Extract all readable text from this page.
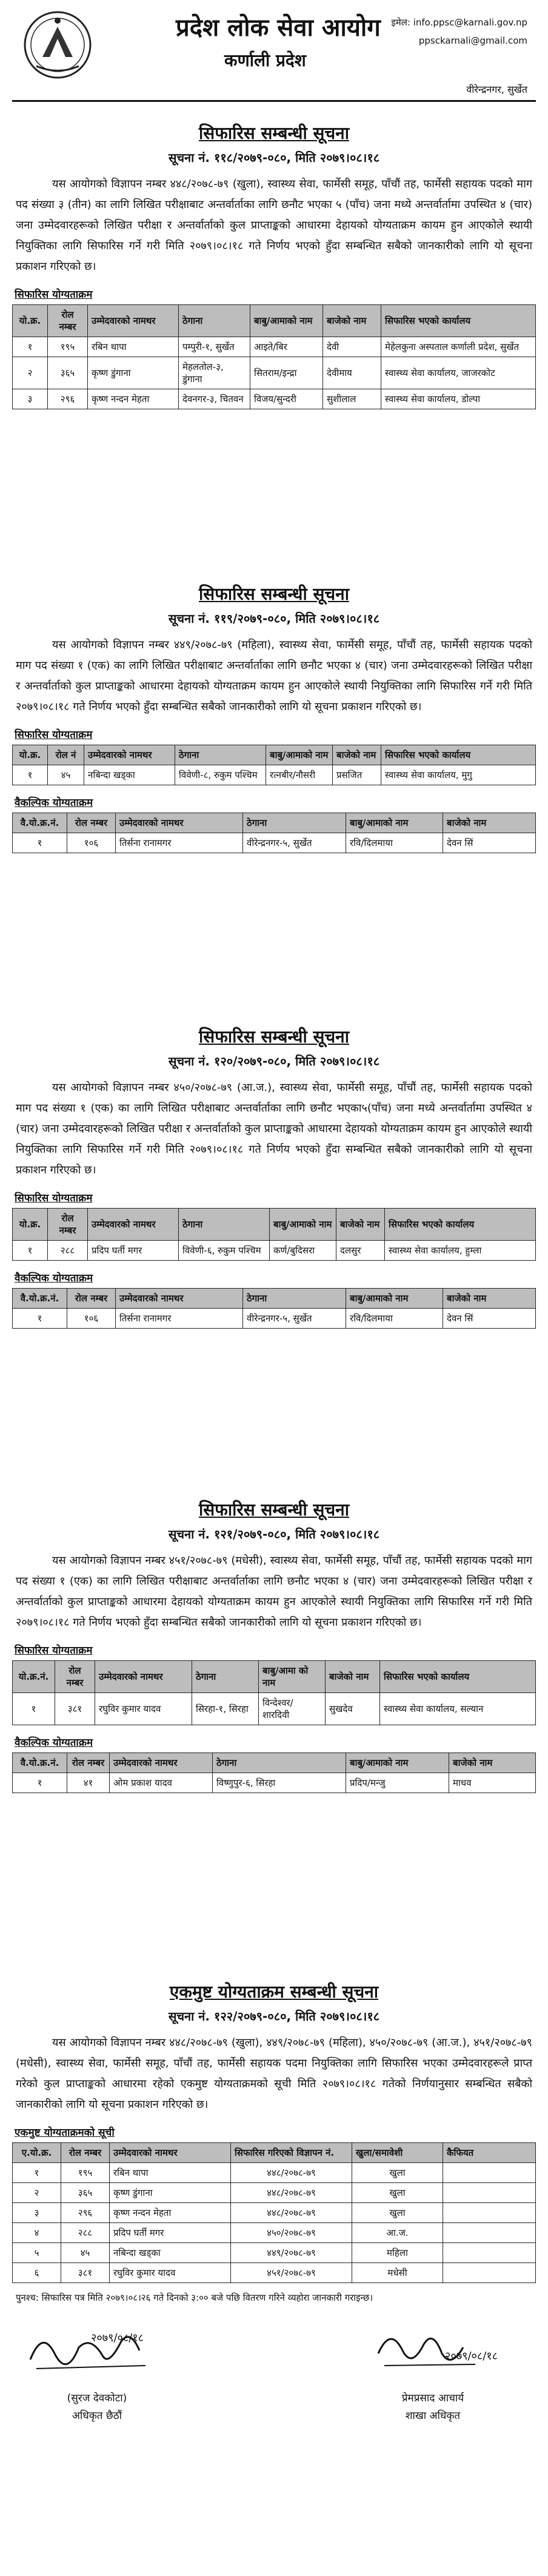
प्रदेश लोक सेवा आयोग
कर्णाली प्रदेश
इमेल: info.ppsc@karnali.gov.np
ppsckarnali@gmail.com
वीरेन्द्रनगर, सुर्खेत
सिफारिस सम्बन्धी सूचना
सूचना नं. ११८/२०७९-०८०, मिति २०७९।०८।१८
यस आयोगको विज्ञापन नम्बर ४४८/२०७८-७९ (खुला), स्वास्थ्य सेवा, फार्मेसी समूह, पाँचौं तह, फार्मेसी सहायक पदको माग पद संख्या ३ (तीन) का लागि लिखित परीक्षाबाट अन्तर्वार्ताका लागि छनौट भएका ५ (पाँच) जना मध्ये अन्तर्वार्तामा उपस्थित ४ (चार) जना उम्मेदवारहरूको लिखित परीक्षा र अन्तर्वार्ताको कुल प्राप्ताङ्कको आधारमा देहायको योग्यताक्रम कायम हुन आएकोले स्थायी नियुक्तिका लागि सिफारिस गर्ने गरी मिति २०७९।०८।१८ गते निर्णय भएको हुँदा सम्बन्धित सबैको जानकारीको लागि यो सूचना प्रकाशन गरिएको छ।
सिफारिस योग्यताक्रम
यो.क्र.	रोल नम्बर	उम्मेदवारको नामथर	ठेगाना	बाबु/आमाको नाम	बाजेको नाम	सिफारिस भएको कार्यालय
१	१९५	रबिन थापा	पम्पुरी-१, सुर्खेत	आइते/बिर	देवी	मेहेलकुना अस्पताल कर्णाली प्रदेश, सुर्खेत
२	३६५	कृष्ण डुंगाना	मेहलतोल-३, डुंगाना	सितराम/इन्द्रा	देवीमाय	स्वास्थ्य सेवा कार्यालय, जाजरकोट
३	२९६	कृष्ण नन्दन मेहता	देवनगर-३, चितवन	विजय/सुन्दरी	सुशीलाल	स्वास्थ्य सेवा कार्यालय, डोल्पा
सिफारिस सम्बन्धी सूचना
सूचना नं. ११९/२०७९-०८०, मिति २०७९।०८।१८
यस आयोगको विज्ञापन नम्बर ४४९/२०७८-७९ (महिला), स्वास्थ्य सेवा, फार्मेसी समूह, पाँचौं तह, फार्मेसी सहायक पदको माग पद संख्या १ (एक) का लागि लिखित परीक्षाबाट अन्तर्वार्ताका लागि छनौट भएका ४ (चार) जना उम्मेदवारहरूको लिखित परीक्षा र अन्तर्वार्ताको कुल प्राप्ताङ्कको आधारमा देहायको योग्यताक्रम कायम हुन आएकोले स्थायी नियुक्तिका लागि सिफारिस गर्ने गरी मिति २०७९।०८।१८ गते निर्णय भएको हुँदा सम्बन्धित सबैको जानकारीको लागि यो सूचना प्रकाशन गरिएको छ।
सिफारिस योग्यताक्रम
यो.क्र.	रोल नं	उम्मेदवारको नामथर	ठेगाना	बाबु/आमाको नाम	बाजेको नाम	सिफारिस भएको कार्यालय
१	४५	नबिन्दा खड्का	विवेणी-८, रुकुम पश्चिम	रत्नबीर/नौसरी	प्रसजित	स्वास्थ्य सेवा कार्यालय, मुगु
वैकल्पिक योग्यताक्रम
वै.यो.क्र.नं.	रोल नम्बर	उम्मेदवारको नामथर	ठेगाना	बाबु/आमाको नाम	बाजेको नाम
१	१०६	तिर्सना रानामगर	वीरेन्द्रनगर-५, सुर्खेत	रवि/दिलमाया	देवन सिं
सिफारिस सम्बन्धी सूचना
सूचना नं. १२०/२०७९-०८०, मिति २०७९।०८।१८
यस आयोगको विज्ञापन नम्बर ४५०/२०७८-७९ (आ.ज.), स्वास्थ्य सेवा, फार्मेसी समूह, पाँचौं तह, फार्मेसी सहायक पदको माग पद संख्या १ (एक) का लागि लिखित परीक्षाबाट अन्तर्वार्ताका लागि छनौट भएका५(पाँच) जना मध्ये अन्तर्वार्तामा उपस्थित ४ (चार) जना उम्मेदवारहरूको लिखित परीक्षा र अन्तर्वार्ताको कुल प्राप्ताङ्कको आधारमा देहायको योग्यताक्रम कायम हुन आएकोले स्थायी नियुक्तिका लागि सिफारिस गर्ने गरी मिति २०७९।०८।१८ गते निर्णय भएको हुँदा सम्बन्धित सबैको जानकारीको लागि यो सूचना प्रकाशन गरिएको छ।
सिफारिस योग्यताक्रम
यो.क्र.	रोल नम्बर	उम्मेदवारको नामथर	ठेगाना	बाबु/आमाको नाम	बाजेको नाम	सिफारिस भएको कार्यालय
१	२८८	प्रदिप घर्ती मगर	विवेणी-६, रुकुम पश्चिम	कर्ण/बुदिसरा	दलसुर	स्वास्थ्य सेवा कार्यालय, हुम्ला
वैकल्पिक योग्यताक्रम
वै.यो.क्र.नं.	रोल नम्बर	उम्मेदवारको नामथर	ठेगाना	बाबु/आमाको नाम	बाजेको नाम
१	१०६	तिर्सना रानामगर	वीरेन्द्रनगर-५, सुर्खेत	रवि/दिलमाया	देवन सिं
सिफारिस सम्बन्धी सूचना
सूचना नं. १२१/२०७९-०८०, मिति २०७९।०८।१८
यस आयोगको विज्ञापन नम्बर ४५१/२०७८-७९ (मधेसी), स्वास्थ्य सेवा, फार्मेसी समूह, पाँचौं तह, फार्मेसी सहायक पदको माग पद संख्या १ (एक) का लागि लिखित परीक्षाबाट अन्तर्वार्ताका लागि छनौट भएका ४ (चार) जना उम्मेदवारहरूको लिखित परीक्षा र अन्तर्वार्ताको कुल प्राप्ताङ्कको आधारमा देहायको योग्यताक्रम कायम हुन आएकोले स्थायी नियुक्तिका लागि सिफारिस गर्ने गरी मिति २०७९।०८।१८ गते निर्णय भएको हुँदा सम्बन्धित सबैको जानकारीको लागि यो सूचना प्रकाशन गरिएको छ।
सिफारिस योग्यताक्रम
यो.क्र.नं.	रोल नम्बर	उम्मेदवारको नामथर	ठेगाना	बाबु/आमा को नाम	बाजेको नाम	सिफारिस भएको कार्यालय
१	३८१	रघुविर कुमार यादव	सिरहा-१, सिरहा	विन्देश्वर/ शारदिवी	सुखदेव	स्वास्थ्य सेवा कार्यालय, सल्यान
वैकल्पिक योग्यताक्रम
वै.यो.क्र.नं.	रोल नम्बर	उम्मेदवारको नामथर	ठेगाना	बाबु/आमाको नाम	बाजेको नाम
१	४१	ओम प्रकाश यादव	विष्णुपुर-६, सिरहा	प्रदिप/मन्जु	माधव
एकमुष्ट योग्यताक्रम सम्बन्धी सूचना
सूचना नं. १२२/२०७९-०८०, मिति २०७९।०८।१८
यस आयोगको विज्ञापन नम्बर ४४८/२०७८-७९ (खुला), ४४९/२०७८-७९ (महिला), ४५०/२०७८-७९ (आ.ज.), ४५१/२०७८-७९ (मधेसी), स्वास्थ्य सेवा, फार्मेसी समूह, पाँचौं तह, फार्मेसी सहायक पदमा नियुक्तिका लागि सिफारिस भएका उम्मेदवारहरूले प्राप्त गरेको कुल प्राप्ताङ्कको आधारमा रहेको एकमुष्ट योग्यताक्रमको सूची मिति २०७९।०८।१८ गतेको निर्णयानुसार सम्बन्धित सबैको जानकारीको लागि यो सूचना प्रकाशन गरिएको छ।
एकमुष्ट योग्यताक्रमको सूची
ए.यो.क्र.	रोल नम्बर	उम्मेदवारको नामथर	सिफारिस गरिएको विज्ञापन नं.	खुला/समावेशी	कैफियत
१	१९५	रबिन थापा	४४८/२०७८-७९	खुला	
२	३६५	कृष्ण डुंगाना	४४८/२०७८-७९	खुला	
३	२९६	कृष्ण नन्दन मेहता	४४८/२०७८-७९	खुला	
४	२८८	प्रदिप घर्ती मगर	४५०/२०७८-७९	आ.ज.	
५	४५	नबिन्दा खड्का	४४९/२०७८-७९	महिला	
६	३८१	रघुविर कुमार यादव	४५१/२०७८-७९	मधेसी	
पुनश्च: सिफारिस पत्र मिति २०७९।०८।२६ गते दिनको ३:०० बजे पछि वितरण गरिने व्यहोरा जानकारी गराइन्छ।
२०७९/०८/१८
(सुरज देवकोटा)
अधिकृत छैठौं
२०७९/०८/१८
प्रेमप्रसाद आचार्य
शाखा अधिकृत
